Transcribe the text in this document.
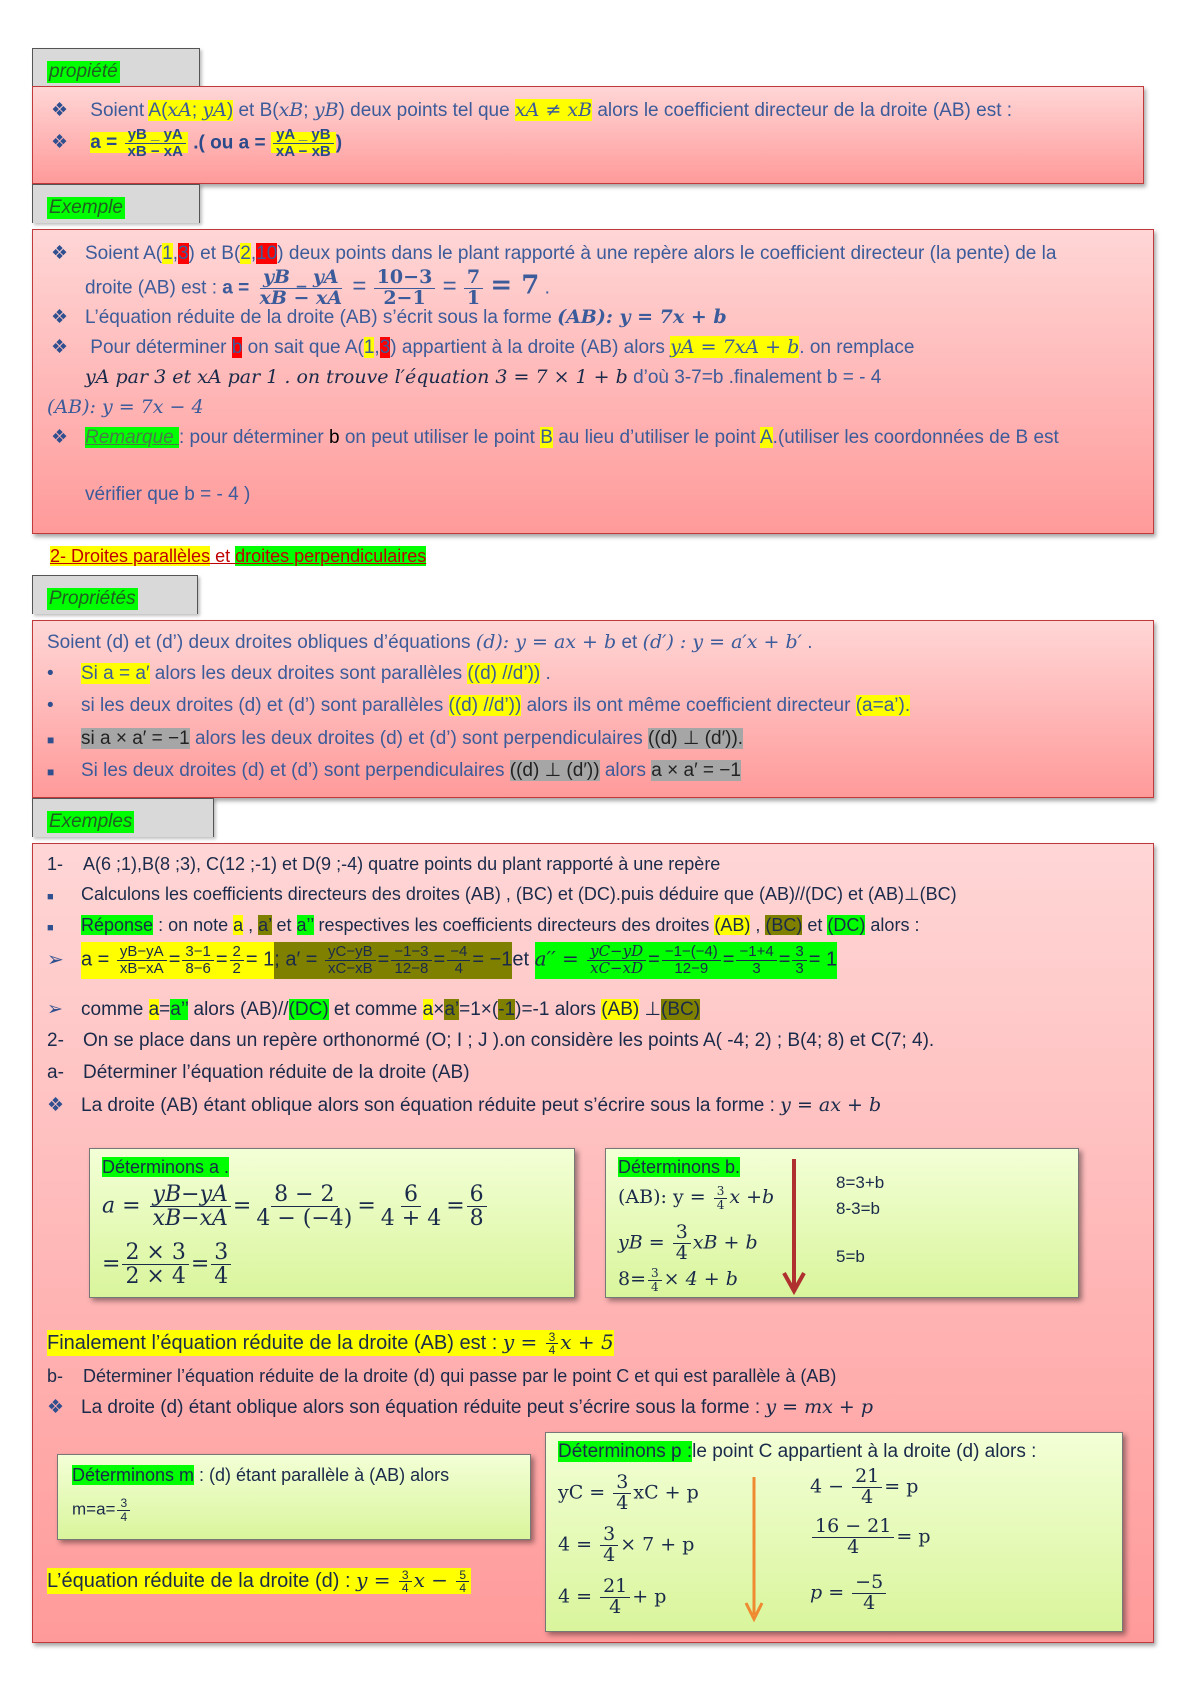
propiété
❖ Soient A(xA; yA) et B(xB; yB) deux points tel que xA ≠ xB alors le coefficient directeur de la droite (AB) est :
❖ $a = \frac{yB \_ yA}{xB - xA}$ .( ou $a = \frac{yA \_ yB}{xA - xB}$ )
Exemple
❖ Soient A(1,3) et B(2,10) deux points dans le plant rapporté à une repère alors le coefficient directeur (la pente) de la
droite (AB) est : $a = \frac{yB \_ yA}{xB - xA} = \frac{10-3}{2-1} = \frac{7}{1} = 7$ .
❖ L’équation réduite de la droite (AB) s’écrit sous la forme (AB): y = 7x + b
❖ Pour déterminer b on sait que A(1,3) appartient à la droite (AB) alors yA = 7xA + b. on remplace
yA par 3 et xA par 1 . on trouve l′équation 3 = 7 × 1 + b d’où 3-7=b .finalement b = - 4
(AB): y = 7x − 4
❖ Remarque : pour déterminer b on peut utiliser le point B au lieu d’utiliser le point A.(utiliser les coordonnées de B est
vérifier que b = - 4 )
2- Droites parallèles et droites perpendiculaires
Propriétés
Soient (d) et (d’) deux droites obliques d’équations (d): y = ax + b et (d′) : y = a′x + b′ .
• Si a = a′ alors les deux droites sont parallèles ((d) //d’)) .
• si les deux droites (d) et (d’) sont parallèles ((d) //d’)) alors ils ont même coefficient directeur (a=a’).
■ si a × a′ = −1 alors les deux droites (d) et (d’) sont perpendiculaires ((d) ⊥ (d′)).
■ Si les deux droites (d) et (d’) sont perpendiculaires ((d) ⊥ (d′)) alors a × a′ = −1
Exemples
1- A(6 ;1),B(8 ;3), C(12 ;-1) et D(9 ;-4) quatre points du plant rapporté à une repère
■ Calculons les coefficients directeurs des droites (AB) , (BC) et (DC).puis déduire que (AB)//(DC) et (AB)⊥(BC)
■ Réponse : on note a , a’ et a’’ respectives les coefficients directeurs des droites (AB) , (BC) et (DC) alors :
➢ $a = \frac{yB-yA}{xB-xA} = \frac{3-1}{8-6} = \frac{2}{2} = 1$; $a' = \frac{yC-yB}{xC-xB} = \frac{-1-3}{12-8} = \frac{-4}{4} = -1et$ $a'' = \frac{yC-yD}{xC-xD} = \frac{-1-(-4)}{12-9} = \frac{-1+4}{3} = \frac{3}{3} = 1$
➢ comme a=a’’ alors (AB)//(DC) et comme a×a’=1×(-1)=-1 alors (AB) ⊥(BC)
2- On se place dans un repère orthonormé (O; I ; J ).on considère les points A( -4; 2) ; B(4; 8) et C(7; 4).
a- Déterminer l’équation réduite de la droite (AB)
❖ La droite (AB) étant oblique alors son équation réduite peut s’écrire sous la forme : y = ax + b
Déterminons a .
$a = \frac{yB-yA}{xB-xA} = \frac{8 - 2}{4 - (-4)} = \frac{6}{4 + 4} = \frac{6}{8}$
= $\frac{2 \times 3}{2 \times 4} = \frac{3}{4}$
Déterminons b.
(AB): $y = \frac{3}{4}$ x +b
yB = $\frac{3}{4}$ xB + b
$8= \frac{3}{4} \times 4 + b$
8=3+b
8-3=b
5=b
Finalement l’équation réduite de la droite (AB) est : $y = \frac{3}{4}$ x + 5
b- Déterminer l’équation réduite de la droite (d) qui passe par le point C et qui est parallèle à (AB)
❖ La droite (d) étant oblique alors son équation réduite peut s’écrire sous la forme : y = mx + p
Déterminons m : (d) étant parallèle à (AB) alors
$m=a= \frac{3}{4}$
L’équation réduite de la droite (d) : $y = \frac{3}{4}$ $x - \frac{5}{4}$
Déterminons p :le point C appartient à la droite (d) alors :
yC = $\frac{3}{4}$ xC + p
$4 = \frac{3}{4} \times 7 + p$
$4 = \frac{21}{4} + p$
$4 - \frac{21}{4} = p$
$\frac{16 - 21}{4} = p$
$p = \frac{-5}{4}$
